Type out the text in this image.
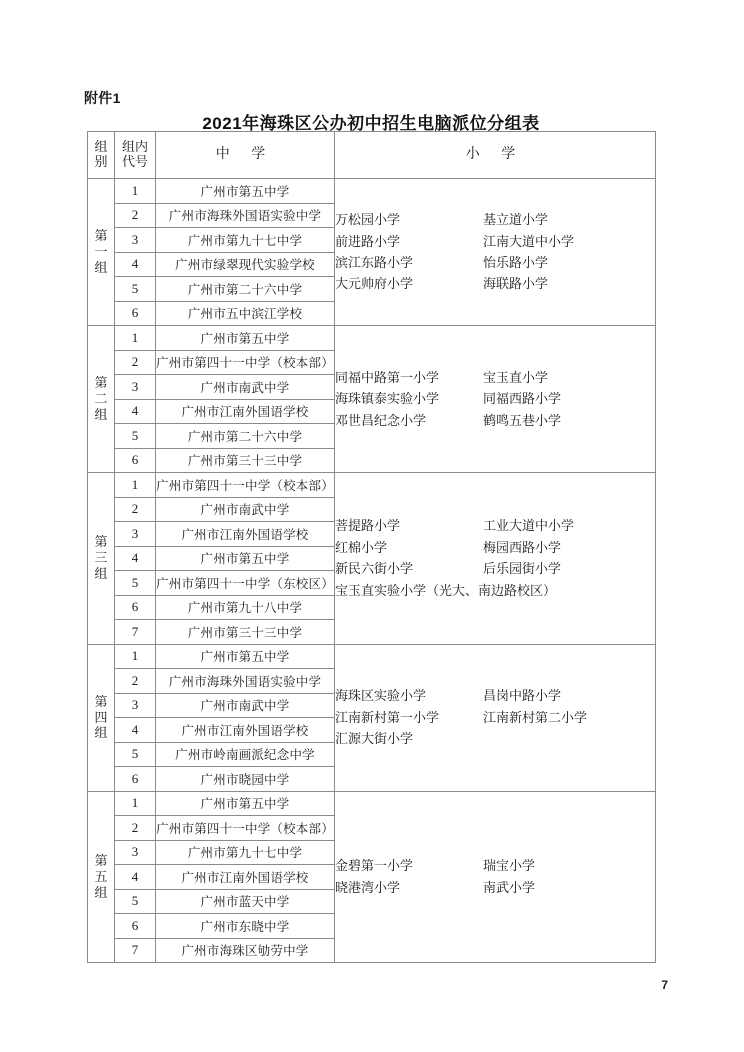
附件1
2021年海珠区公办初中招生电脑派位分组表
组
别

组内
代号	中 学	小 学

第
一
组
	1	广州市第五中学	
万松园小学	基立道小学
前进路小学	江南大道中小学
滨江东路小学	怡乐路小学
大元帅府小学	海联路小学

	2	广州市海珠外国语实验中学	
	3	广州市第九十七中学	
	4	广州市绿翠现代实验学校	
	5	广州市第二十六中学	
	6	广州市五中滨江学校	

第
二
组
	1	广州市第五中学	
同福中路第一小学	宝玉直小学
海珠镇泰实验小学	同福西路小学
邓世昌纪念小学	鹤鸣五巷小学

	2	广州市第四十一中学（校本部）	
	3	广州市南武中学	
	4	广州市江南外国语学校	
	5	广州市第二十六中学	
	6	广州市第三十三中学	

第
三
组
	1	广州市第四十一中学（校本部）	
菩提路小学	工业大道中小学
红棉小学	梅园西路小学
新民六街小学	后乐园街小学
宝玉直实验小学（光大、南边路校区）

	2	广州市南武中学	
	3	广州市江南外国语学校	
	4	广州市第五中学	
	5	广州市第四十一中学（东校区）	
	6	广州市第九十八中学	
	7	广州市第三十三中学	

第
四
组
	1	广州市第五中学	
海珠区实验小学	昌岗中路小学
江南新村第一小学	江南新村第二小学
汇源大街小学

	2	广州市海珠外国语实验中学	
	3	广州市南武中学	
	4	广州市江南外国语学校	
	5	广州市岭南画派纪念中学	
	6	广州市晓园中学	

第
五
组
	1	广州市第五中学	
金碧第一小学	瑞宝小学
晓港湾小学	南武小学

	2	广州市第四十一中学（校本部）	
	3	广州市第九十七中学	
	4	广州市江南外国语学校	
	5	广州市蓝天中学	
	6	广州市东晓中学	
	7	广州市海珠区劬劳中学	
7
